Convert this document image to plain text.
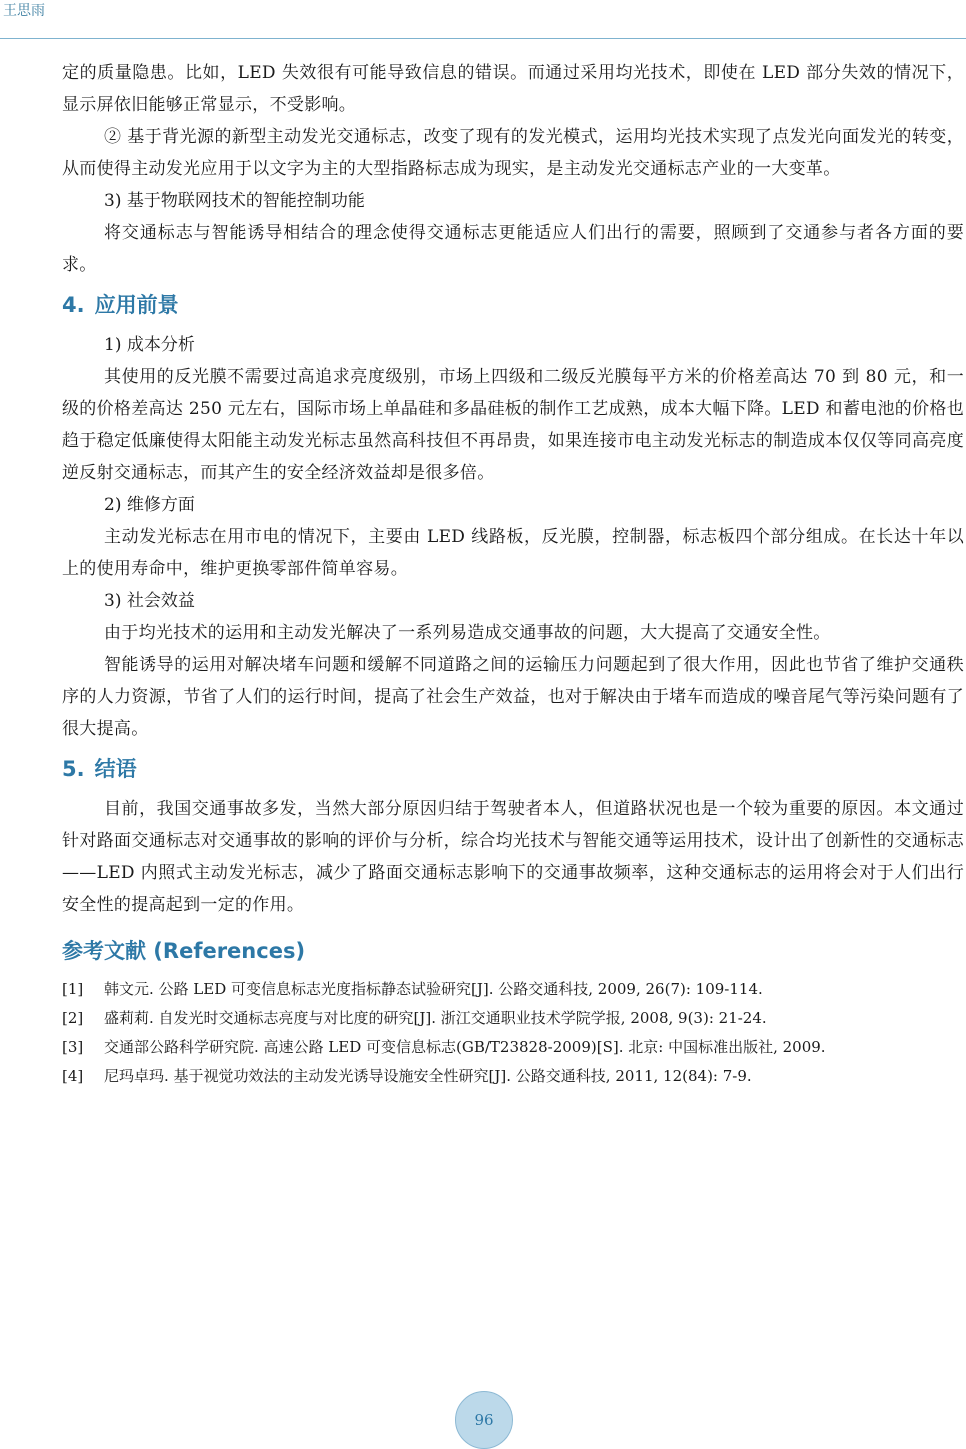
王思雨

定的质量隐患。比如，LED 失效很有可能导致信息的错误。而通过采用均光技术，即使在 LED 部分失效的情况下，显示屏依旧能够正常显示，不受影响。

② 基于背光源的新型主动发光交通标志，改变了现有的发光模式，运用均光技术实现了点发光向面发光的转变，从而使得主动发光应用于以文字为主的大型指路标志成为现实，是主动发光交通标志产业的一大变革。

3) 基于物联网技术的智能控制功能

将交通标志与智能诱导相结合的理念使得交通标志更能适应人们出行的需要，照顾到了交通参与者各方面的要求。

4. 应用前景

1) 成本分析

其使用的反光膜不需要过高追求亮度级别，市场上四级和二级反光膜每平方米的价格差高达 70 到 80 元，和一级的价格差高达 250 元左右，国际市场上单晶硅和多晶硅板的制作工艺成熟，成本大幅下降。LED 和蓄电池的价格也趋于稳定低廉使得太阳能主动发光标志虽然高科技但不再昂贵，如果连接市电主动发光标志的制造成本仅仅等同高亮度逆反射交通标志，而其产生的安全经济效益却是很多倍。

2) 维修方面

主动发光标志在用市电的情况下，主要由 LED 线路板，反光膜，控制器，标志板四个部分组成。在长达十年以上的使用寿命中，维护更换零部件简单容易。

3) 社会效益

由于均光技术的运用和主动发光解决了一系列易造成交通事故的问题，大大提高了交通安全性。

智能诱导的运用对解决堵车问题和缓解不同道路之间的运输压力问题起到了很大作用，因此也节省了维护交通秩序的人力资源，节省了人们的运行时间，提高了社会生产效益，也对于解决由于堵车而造成的噪音尾气等污染问题有了很大提高。

5. 结语

目前，我国交通事故多发，当然大部分原因归结于驾驶者本人，但道路状况也是一个较为重要的原因。本文通过针对路面交通标志对交通事故的影响的评价与分析，综合均光技术与智能交通等运用技术，设计出了创新性的交通标志——LED 内照式主动发光标志，减少了路面交通标志影响下的交通事故频率，这种交通标志的运用将会对于人们出行安全性的提高起到一定的作用。

参考文献 (References)
[1]	韩文元. 公路 LED 可变信息标志光度指标静态试验研究[J]. 公路交通科技, 2009, 26(7): 109-114.
[2]	盛莉莉. 自发光时交通标志亮度与对比度的研究[J]. 浙江交通职业技术学院学报, 2008, 9(3): 21-24.
[3]	交通部公路科学研究院. 高速公路 LED 可变信息标志(GB/T23828-2009)[S]. 北京: 中国标准出版社, 2009.
[4]	尼玛卓玛. 基于视觉功效法的主动发光诱导设施安全性研究[J]. 公路交通科技, 2011, 12(84): 7-9.
96
